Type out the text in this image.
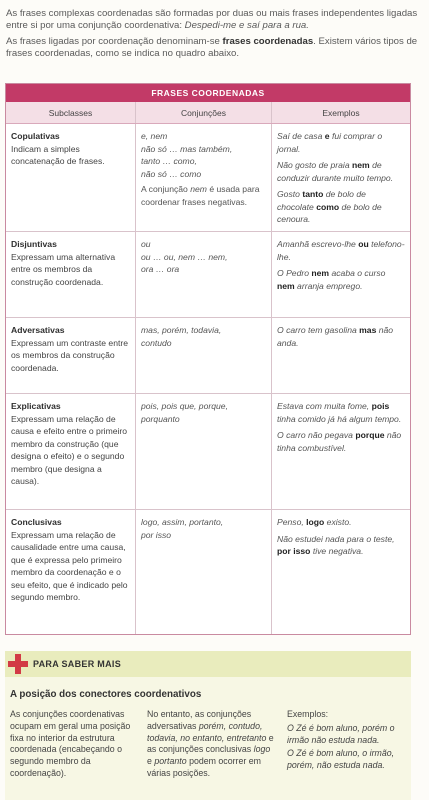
As frases complexas coordenadas são formadas por duas ou mais frases independentes ligadas entre si por uma conjunção coordenativa: Despedi-me e saí para a rua.

As frases ligadas por coordenação denominam-se frases coordenadas. Existem vários tipos de frases coordenadas, como se indica no quadro abaixo.

FRASES COORDENADAS
Subclasses	Conjunções	Exemplos
Copulativas
Indicam a simples concatenação de frases.
e, nem
não só … mas também,
tanto … como,
não só … como
A conjunção nem é usada para coordenar frases negativas.
Saí de casa e fui comprar o jornal.
Não gosto de praia nem de conduzir durante muito tempo.
Gosto tanto de bolo de chocolate como de bolo de cenoura.
Disjuntivas
Expressam uma alternativa entre os membros da construção coordenada.
ou
ou … ou, nem … nem,
ora … ora
Amanhã escrevo-lhe ou telefono-lhe.
O Pedro nem acaba o curso nem arranja emprego.
Adversativas
Expressam um contraste entre os membros da construção coordenada.
mas, porém, todavia,
contudo
O carro tem gasolina mas não anda.
Explicativas
Expressam uma relação de causa e efeito entre o primeiro membro da construção (que designa o efeito) e o segundo membro (que designa a causa).
pois, pois que, porque,
porquanto
Estava com muita fome, pois tinha comido já há algum tempo.
O carro não pegava porque não tinha combustível.
Conclusivas
Expressam uma relação de causalidade entre uma causa, que é expressa pelo primeiro membro da coordenação e o seu efeito, que é indicado pelo segundo membro.
logo, assim, portanto,
por isso
Penso, logo existo.
Não estudei nada para o teste, por isso tive negativa.
PARA SABER MAIS
A posição dos conectores coordenativos
As conjunções coordenativas ocupam em geral uma posição fixa no interior da estrutura coordenada (encabeçando o segundo membro da coordenação).
No entanto, as conjunções adversativas porém, contudo, todavia, no entanto, entretanto e as conjunções conclusivas logo e portanto podem ocorrer em várias posições.
Exemplos:
O Zé é bom aluno, porém o irmão não estuda nada.
O Zé é bom aluno, o irmão, porém, não estuda nada.
